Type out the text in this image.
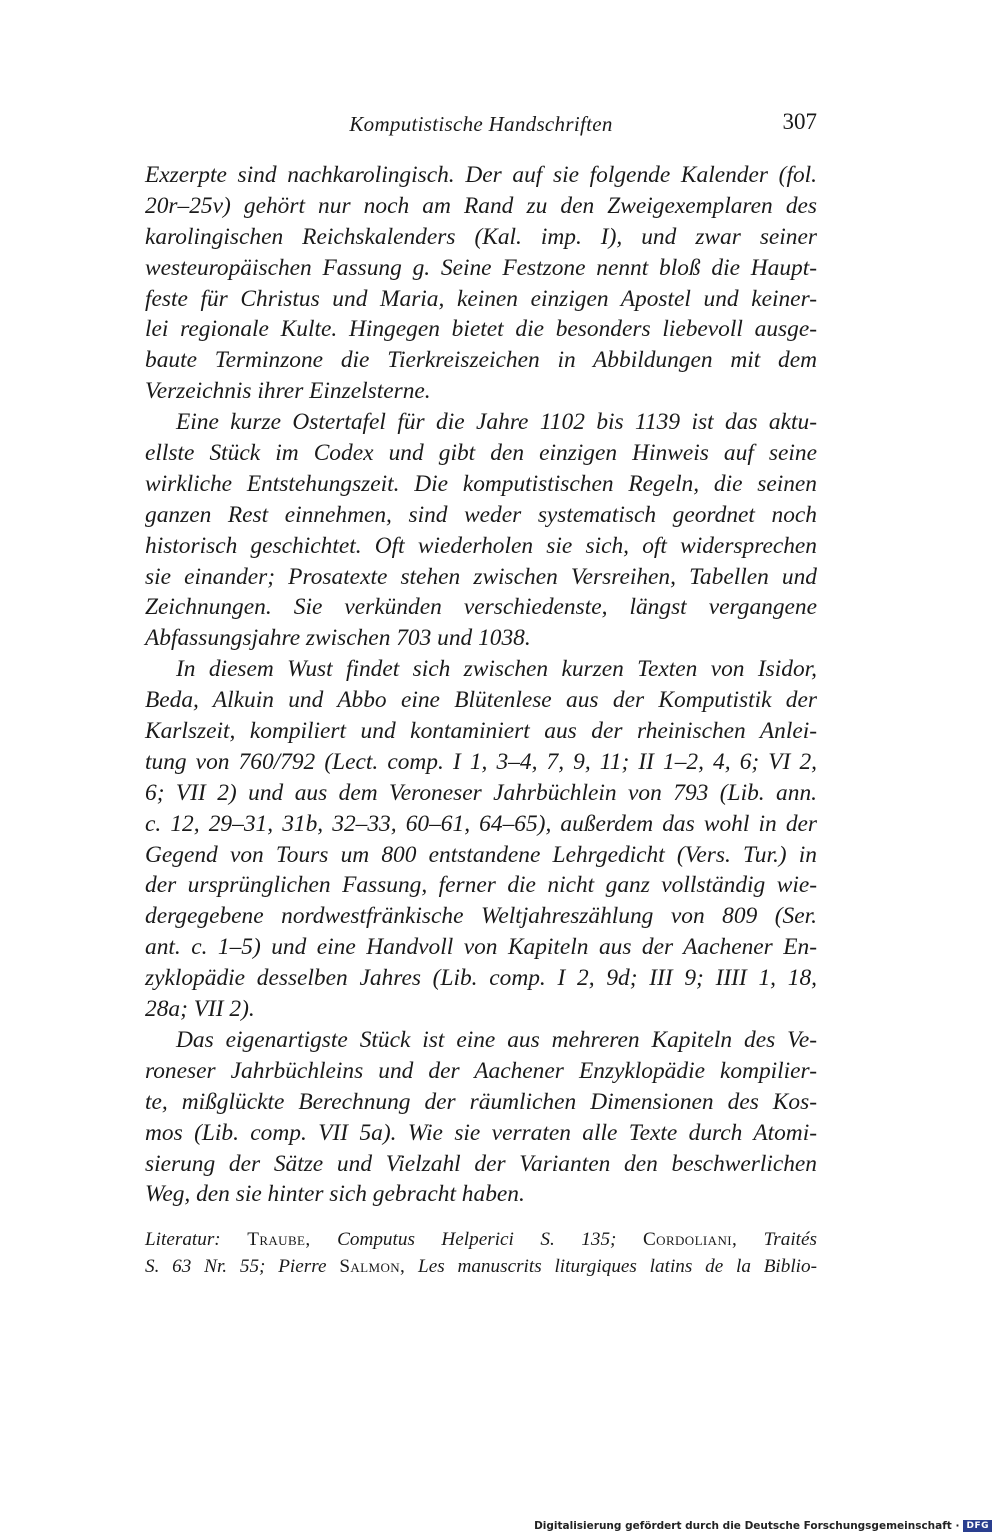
Komputistische Handschriften	307
Exzerpte sind nachkarolingisch. Der auf sie folgende Kalender (fol.
20r–25v) gehört nur noch am Rand zu den Zweigexemplaren des
karolingischen Reichskalenders (Kal. imp. I), und zwar seiner
westeuropäischen Fassung g. Seine Festzone nennt bloß die Haupt-
feste für Christus und Maria, keinen einzigen Apostel und keiner-
lei regionale Kulte. Hingegen bietet die besonders liebevoll ausge-
baute Terminzone die Tierkreiszeichen in Abbildungen mit dem
Verzeichnis ihrer Einzelsterne.
Eine kurze Ostertafel für die Jahre 1102 bis 1139 ist das aktu-
ellste Stück im Codex und gibt den einzigen Hinweis auf seine
wirkliche Entstehungszeit. Die komputistischen Regeln, die seinen
ganzen Rest einnehmen, sind weder systematisch geordnet noch
historisch geschichtet. Oft wiederholen sie sich, oft widersprechen
sie einander; Prosatexte stehen zwischen Versreihen, Tabellen und
Zeichnungen. Sie verkünden verschiedenste, längst vergangene
Abfassungsjahre zwischen 703 und 1038.
In diesem Wust findet sich zwischen kurzen Texten von Isidor,
Beda, Alkuin und Abbo eine Blütenlese aus der Komputistik der
Karlszeit, kompiliert und kontaminiert aus der rheinischen Anlei-
tung von 760/792 (Lect. comp. I 1, 3–4, 7, 9, 11; II 1–2, 4, 6; VI 2,
6; VII 2) und aus dem Veroneser Jahrbüchlein von 793 (Lib. ann.
c. 12, 29–31, 31b, 32–33, 60–61, 64–65), außerdem das wohl in der
Gegend von Tours um 800 entstandene Lehrgedicht (Vers. Tur.) in
der ursprünglichen Fassung, ferner die nicht ganz vollständig wie-
dergegebene nordwestfränkische Weltjahreszählung von 809 (Ser.
ant. c. 1–5) und eine Handvoll von Kapiteln aus der Aachener En-
zyklopädie desselben Jahres (Lib. comp. I 2, 9d; III 9; IIII 1, 18,
28a; VII 2).
Das eigenartigste Stück ist eine aus mehreren Kapiteln des Ve-
roneser Jahrbüchleins und der Aachener Enzyklopädie kompilier-
te, mißglückte Berechnung der räumlichen Dimensionen des Kos-
mos (Lib. comp. VII 5a). Wie sie verraten alle Texte durch Atomi-
sierung der Sätze und Vielzahl der Varianten den beschwerlichen
Weg, den sie hinter sich gebracht haben.
Literatur: Traube, Computus Helperici S. 135; Cordoliani, Traités
S. 63 Nr. 55; Pierre Salmon, Les manuscrits liturgiques latins de la Biblio-
Digitalisierung gefördert durch die Deutsche Forschungsgemeinschaft · DFG
